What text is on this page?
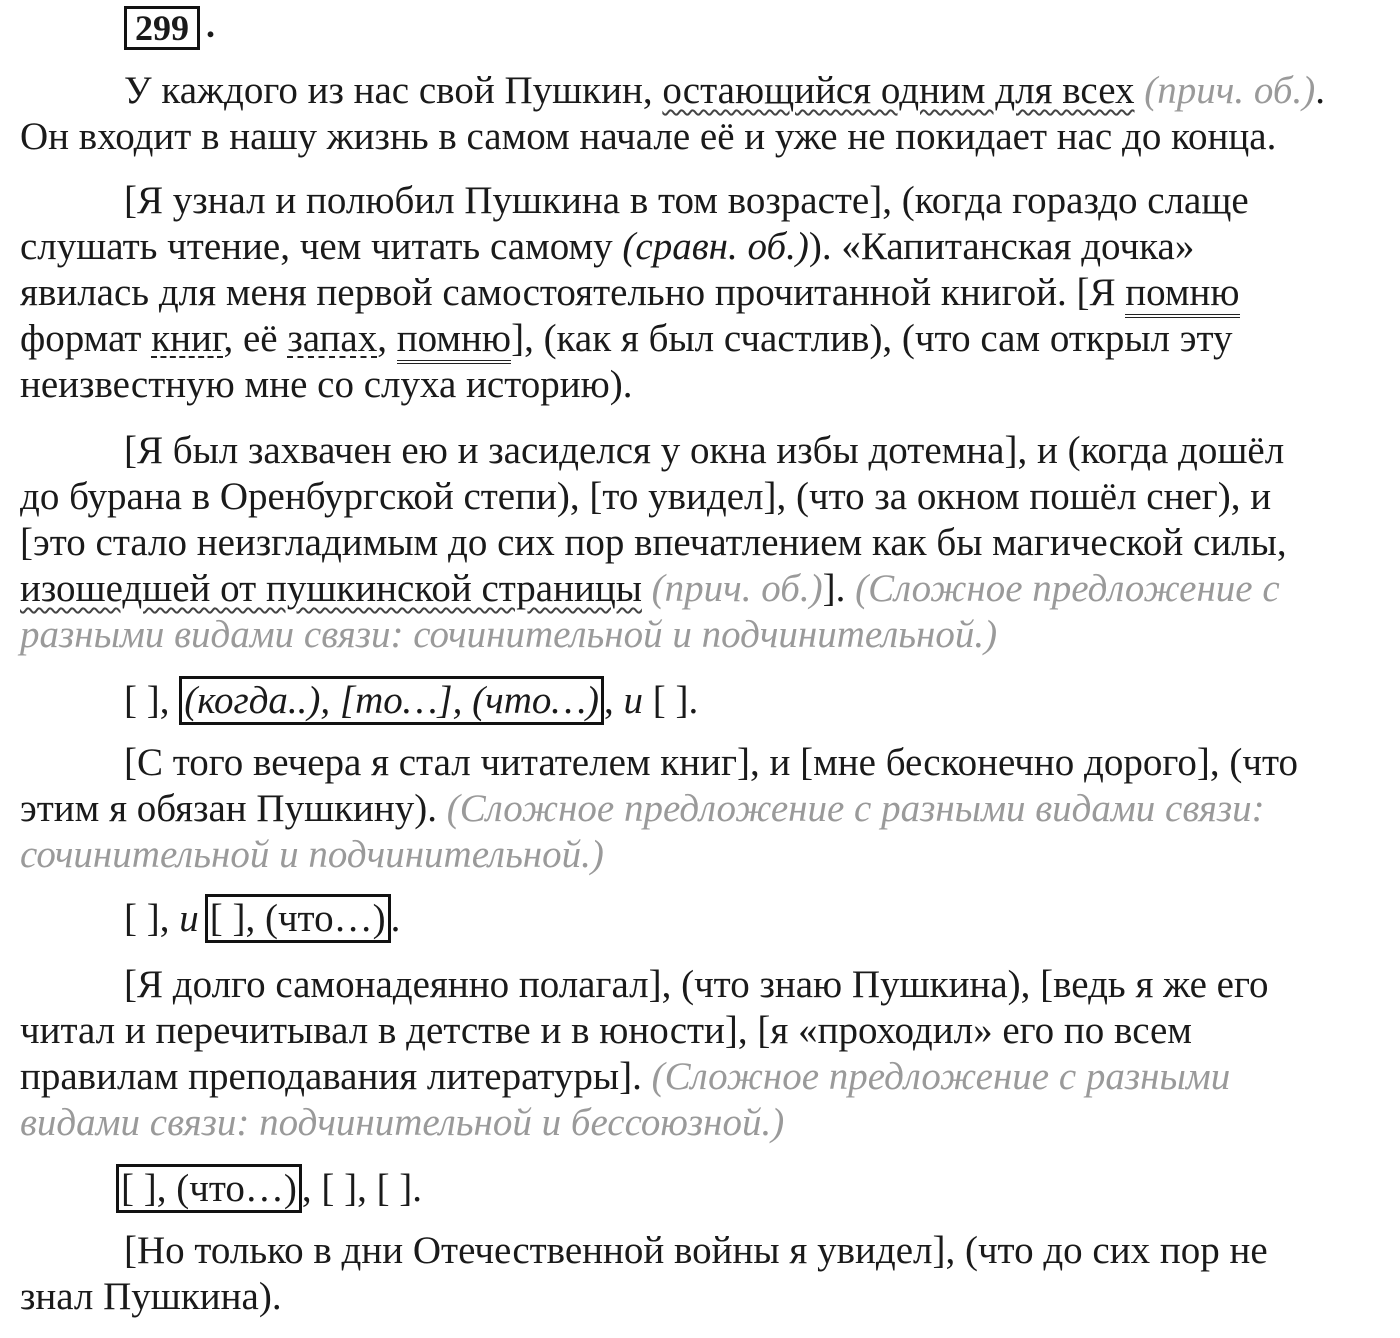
299 .
У каждого из нас свой Пушкин, остающийся одним для всех (прич. об.).
Он входит в нашу жизнь в самом начале её и уже не покидает нас до конца.
[Я узнал и полюбил Пушкина в том возрасте], (когда гораздо слаще
слушать чтение, чем читать самому (сравн. об.)). «Капитанская дочка»
явилась для меня первой самостоятельно прочитанной книгой. [Я помню
формат книг, её запах, помню], (как я был счастлив), (что сам открыл эту
неизвестную мне со слуха историю).
[Я был захвачен ею и засиделся у окна избы дотемна], и (когда дошёл
до бурана в Оренбургской степи), [то увидел], (что за окном пошёл снег), и
[это стало неизгладимым до сих пор впечатлением как бы магической силы,
изошедшей от пушкинской страницы (прич. об.)]. (Сложное предложение с
разными видами связи: сочинительной и подчинительной.)
[ ], (когда..), [то…], (что…) , и [ ].
[С того вечера я стал читателем книг], и [мне бесконечно дорого], (что
этим я обязан Пушкину). (Сложное предложение с разными видами связи:
сочинительной и подчинительной.)
[ ], и [ ], (что…) .
[Я долго самонадеянно полагал], (что знаю Пушкина), [ведь я же его
читал и перечитывал в детстве и в юности], [я «проходил» его по всем
правилам преподавания литературы]. (Сложное предложение с разными
видами связи: подчинительной и бессоюзной.)
[ ], (что…) , [ ], [ ].
[Но только в дни Отечественной войны я увидел], (что до сих пор не
знал Пушкина).
